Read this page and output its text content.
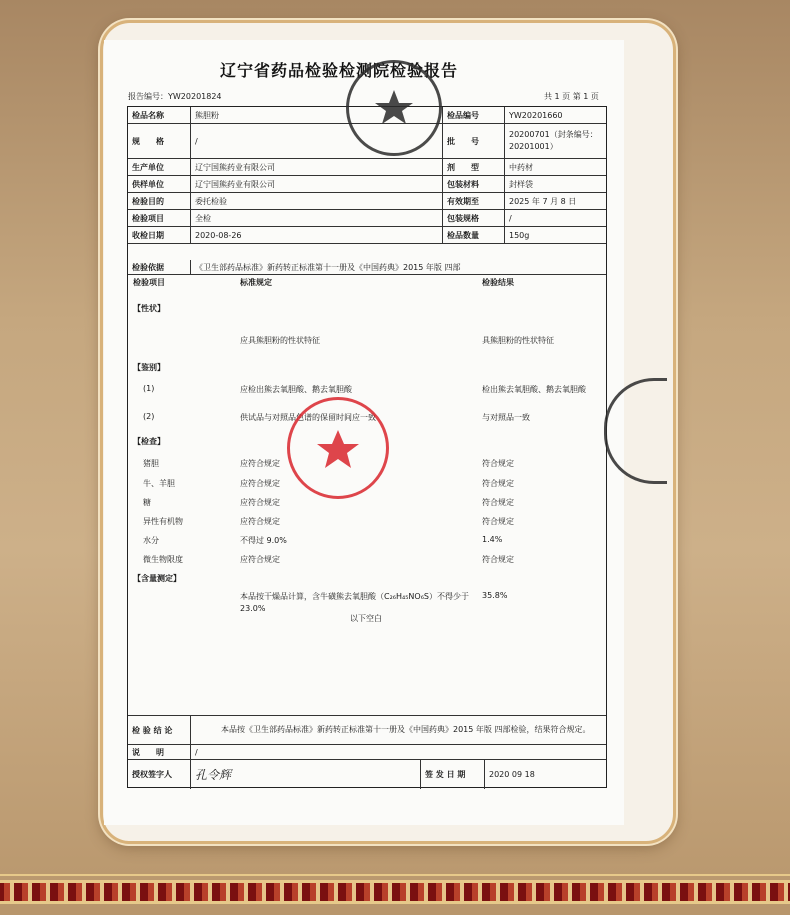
辽宁省药品检验检测院检验报告
报告编号：YW20201824	共 1 页 第 1 页
检品名称	熊胆粉	检品编号	YW20201660
规　　格	/	批　　号
20200701（封条编号：20201001）
生产单位	辽宁国熊药业有限公司	剂　　型	中药材
供样单位	辽宁国熊药业有限公司	包装材料	封样袋
检验目的	委托检验	有效期至	2025 年 7 月 8 日
检验项目	全检	包装规格	/
收检日期	2020-08-26	检品数量	150g
检验依据	《卫生部药品标准》新药转正标准第十一册及《中国药典》2015 年版 四部
检验项目	标准规定	检验结果
【性状】
应具熊胆粉的性状特征	具熊胆粉的性状特征
【鉴别】
(1)	应检出熊去氧胆酸、鹅去氧胆酸	检出熊去氧胆酸、鹅去氧胆酸
(2)	供试品与对照品色谱的保留时间应一致	与对照品一致
【检查】
猪胆	应符合规定	符合规定
牛、羊胆	应符合规定	符合规定
糖	应符合规定	符合规定
异性有机物	应符合规定	符合规定
水分	不得过 9.0%	1.4%
微生物限度	应符合规定	符合规定
【含量测定】
本品按干燥品计算，含牛磺熊去氧胆酸（C₂₆H₄₅NO₆S）不得少于 23.0%
35.8%
以下空白
检 验 结 论	本品按《卫生部药品标准》新药转正标准第十一册及《中国药典》2015 年版 四部检验，结果符合规定。
说　　明	/
授权签字人	孔令辉	签 发 日 期	2020 09 18
